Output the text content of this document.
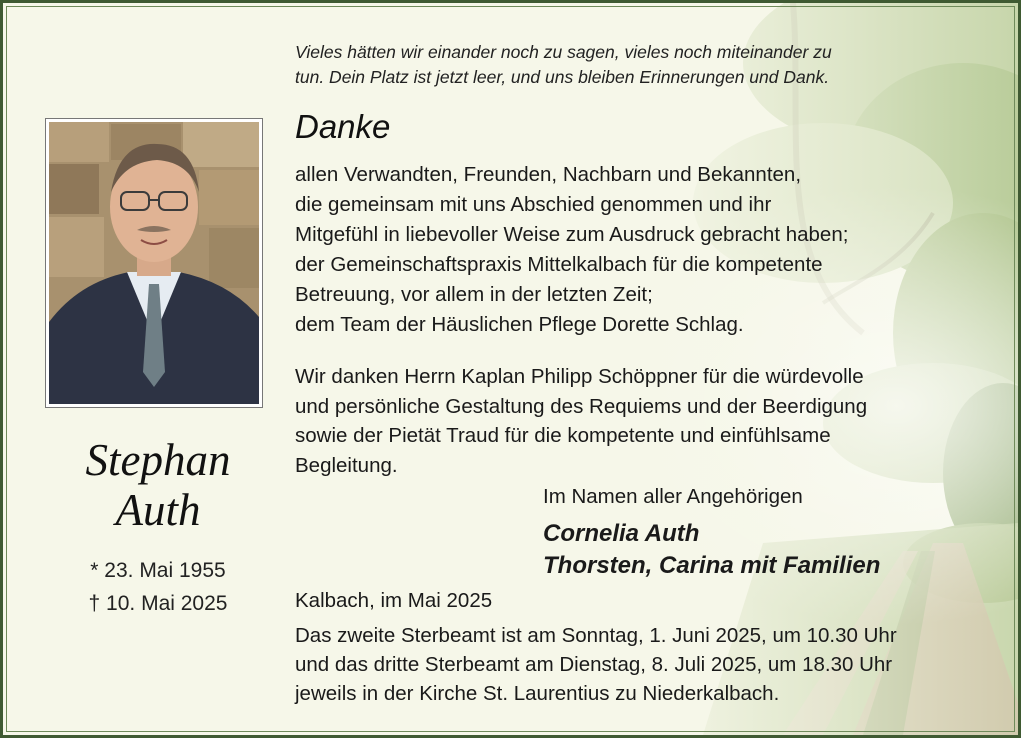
Stephan
Auth
* 23. Mai 1955
† 10. Mai 2025
Vieles hätten wir einander noch zu sagen, vieles noch miteinander zu
tun. Dein Platz ist jetzt leer, und uns bleiben Erinnerungen und Dank.
Danke
allen Verwandten, Freunden, Nachbarn und Bekannten,
die gemeinsam mit uns Abschied genommen und ihr
Mitgefühl in liebevoller Weise zum Ausdruck gebracht haben;
der Gemeinschaftspraxis Mittelkalbach für die kompetente
Betreuung, vor allem in der letzten Zeit;
dem Team der Häuslichen Pflege Dorette Schlag.
Wir danken Herrn Kaplan Philipp Schöppner für die würdevolle
und persönliche Gestaltung des Requiems und der Beerdigung
sowie der Pietät Traud für die kompetente und einfühlsame
Begleitung.
Im Namen aller Angehörigen
Cornelia Auth
Thorsten, Carina mit Familien
Kalbach, im Mai 2025
Das zweite Sterbeamt ist am Sonntag, 1. Juni 2025, um 10.30 Uhr
und das dritte Sterbeamt am Dienstag, 8. Juli 2025, um 18.30 Uhr
jeweils in der Kirche St. Laurentius zu Niederkalbach.
